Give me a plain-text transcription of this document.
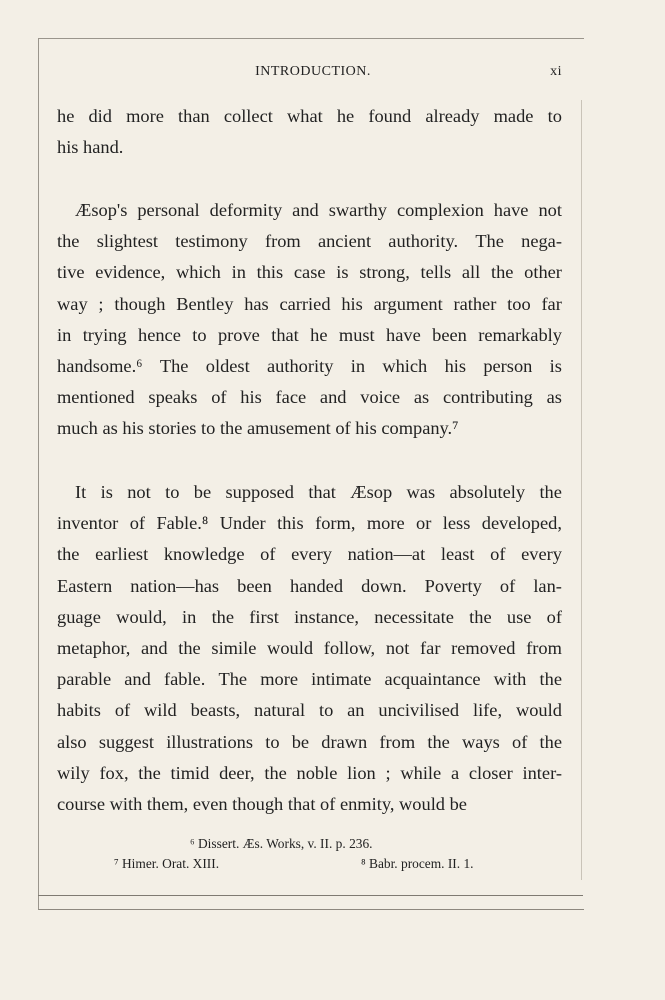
INTRODUCTION.	xi
he did more than collect what he found already made to
his hand.
Æsop's personal deformity and swarthy complexion have not
the slightest testimony from ancient authority. The nega-
tive evidence, which in this case is strong, tells all the other
way ; though Bentley has carried his argument rather too far
in trying hence to prove that he must have been remarkably
handsome.⁶ The oldest authority in which his person is
mentioned speaks of his face and voice as contributing as
much as his stories to the amusement of his company.⁷
It is not to be supposed that Æsop was absolutely the
inventor of Fable.⁸ Under this form, more or less developed,
the earliest knowledge of every nation—at least of every
Eastern nation—has been handed down. Poverty of lan-
guage would, in the first instance, necessitate the use of
metaphor, and the simile would follow, not far removed from
parable and fable. The more intimate acquaintance with the
habits of wild beasts, natural to an uncivilised life, would
also suggest illustrations to be drawn from the ways of the
wily fox, the timid deer, the noble lion ; while a closer inter-
course with them, even though that of enmity, would be
⁶ Dissert. Æs. Works, v. II. p. 236.
⁷ Himer. Orat. XIII.	⁸ Babr. procem. II. 1.
